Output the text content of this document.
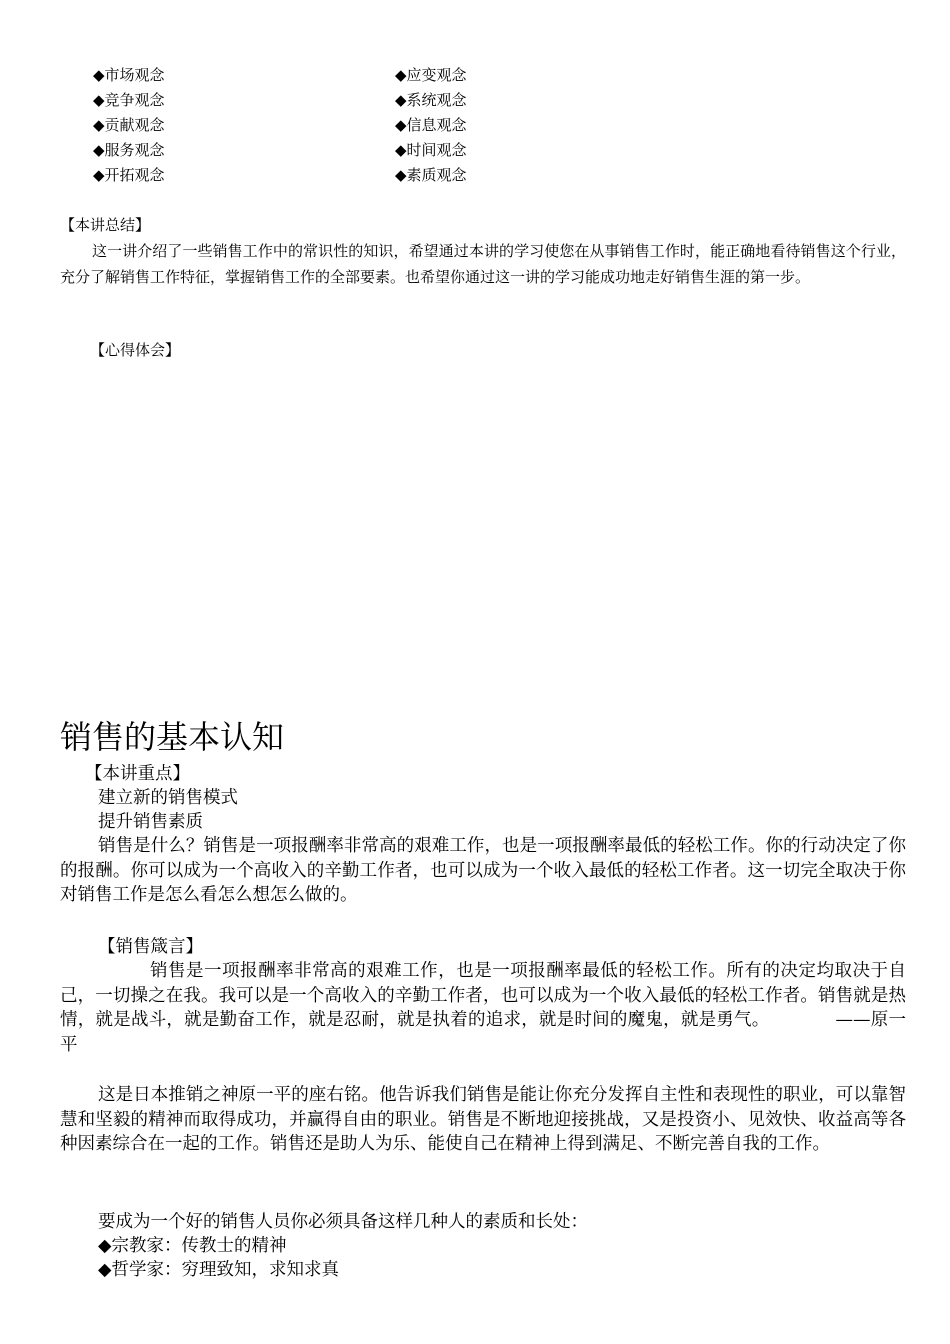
◆市场观念
◆竞争观念
◆贡献观念
◆服务观念
◆开拓观念
◆应变观念
◆系统观念
◆信息观念
◆时间观念
◆素质观念
【本讲总结】
这一讲介绍了一些销售工作中的常识性的知识，希望通过本讲的学习使您在从事销售工作时，能正确地看待销售这个行业，充分了解销售工作特征，掌握销售工作的全部要素。也希望你通过这一讲的学习能成功地走好销售生涯的第一步。
【心得体会】
销售的基本认知
【本讲重点】
建立新的销售模式
提升销售素质
销售是什么？销售是一项报酬率非常高的艰难工作，也是一项报酬率最低的轻松工作。你的行动决定了你的报酬。你可以成为一个高收入的辛勤工作者，也可以成为一个收入最低的轻松工作者。这一切完全取决于你对销售工作是怎么看怎么想怎么做的。
【销售箴言】
销售是一项报酬率非常高的艰难工作，也是一项报酬率最低的轻松工作。所有的决定均取决于自己，一切操之在我。我可以是一个高收入的辛勤工作者，也可以成为一个收入最低的轻松工作者。销售就是热情，就是战斗，就是勤奋工作，就是忍耐，就是执着的追求，就是时间的魔鬼，就是勇气。	——原一平
这是日本推销之神原一平的座右铭。他告诉我们销售是能让你充分发挥自主性和表现性的职业，可以靠智慧和坚毅的精神而取得成功，并赢得自由的职业。销售是不断地迎接挑战，又是投资小、见效快、收益高等各种因素综合在一起的工作。销售还是助人为乐、能使自己在精神上得到满足、不断完善自我的工作。
要成为一个好的销售人员你必须具备这样几种人的素质和长处：
◆宗教家：传教士的精神
◆哲学家：穷理致知，求知求真
